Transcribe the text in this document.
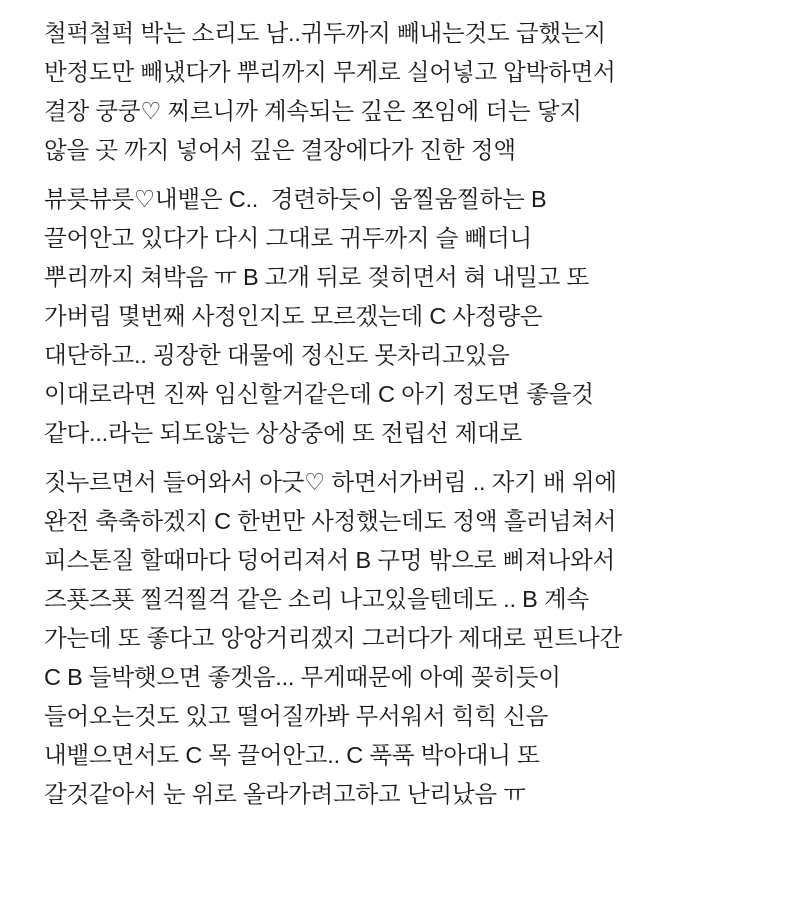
철퍽철퍽 박는 소리도 남..귀두까지 빼내는것도 급했는지
반정도만 빼냈다가 뿌리까지 무게로 실어넣고 압박하면서
결장 쿵쿵♡ 찌르니까 계속되는 깊은 쪼임에 더는 닿지
않을 곳 까지 넣어서 깊은 결장에다가 진한 정액
뷰릇뷰릇♡내뱉은 C..  경련하듯이 움찔움찔하는 B
끌어안고 있다가 다시 그대로 귀두까지 슬 빼더니
뿌리까지 쳐박음 ㅠ B 고개 뒤로 젖히면서 혀 내밀고 또
가버림 몇번째 사정인지도 모르겠는데 C 사정량은
대단하고.. 굉장한 대물에 정신도 못차리고있음
이대로라면 진짜 임신할거같은데 C 아기 정도면 좋을것
같다...라는 되도않는 상상중에 또 전립선 제대로
짓누르면서 들어와서 아긋♡ 하면서가버림 .. 자기 배 위에
완전 축축하겠지 C 한번만 사정했는데도 정액 흘러넘쳐서
피스톤질 할때마다 덩어리져서 B 구멍 밖으로 삐져나와서
즈푯즈푯 찔걱찔걱 같은 소리 나고있을텐데도 .. B 계속
가는데 또 좋다고 앙앙거리겠지 그러다가 제대로 핀트나간
C B 들박햇으면 좋겟음... 무게때문에 아예 꽂히듯이
들어오는것도 있고 떨어질까봐 무서워서 힉힉 신음
내뱉으면서도 C 목 끌어안고.. C 푹푹 박아대니 또
갈것같아서 눈 위로 올라가려고하고 난리났음 ㅠ
